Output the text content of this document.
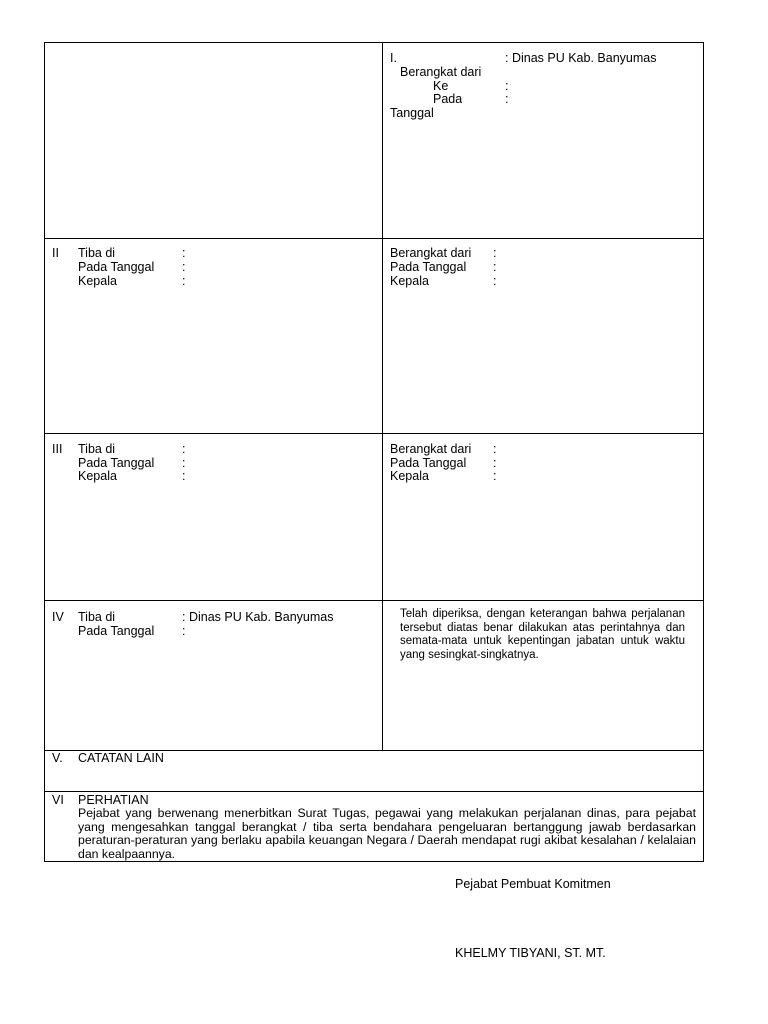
I.	: Dinas PU Kab. Banyumas
Berangkat dari
Ke	:
Pada	:
Tanggal
II Tiba di	:
Pada Tanggal :
Kepala	:
Berangkat dari :
Pada Tanggal :
Kepala	:
III Tiba di	:
Pada Tanggal :
Kepala	:
Berangkat dari :
Pada Tanggal :
Kepala	:
IV Tiba di	: Dinas PU Kab. Banyumas
Pada Tanggal :
Telah diperiksa, dengan keterangan bahwa perjalanan tersebut diatas benar dilakukan atas perintahnya dan semata-mata untuk kepentingan jabatan untuk waktu yang sesingkat-singkatnya.
V. CATATAN LAIN
VI PERHATIAN
Pejabat yang berwenang menerbitkan Surat Tugas, pegawai yang melakukan perjalanan dinas, para pejabat yang mengesahkan tanggal berangkat / tiba serta bendahara pengeluaran bertanggung jawab berdasarkan peraturan-peraturan yang berlaku apabila keuangan Negara / Daerah mendapat rugi akibat kesalahan / kelalaian dan kealpaannya.
Pejabat Pembuat Komitmen
KHELMY TIBYANI, ST. MT.
